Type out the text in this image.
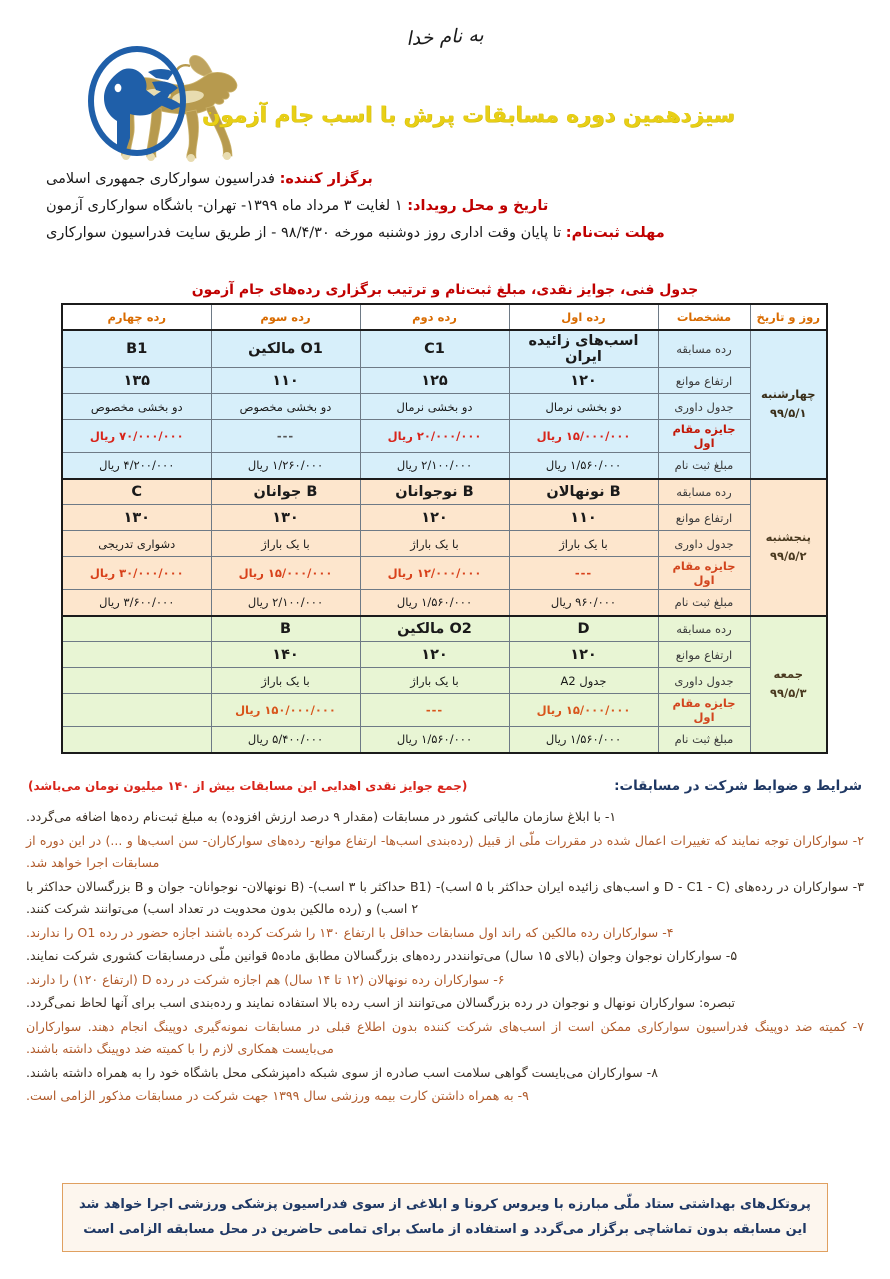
به نام خدا
سیزدهمین دوره مسابقات پرش با اسب جام آزمون
برگزار کننده: فدراسیون سوارکاری جمهوری اسلامی
تاریخ و محل رویداد: ۱ لغایت ۳ مرداد ماه ۱۳۹۹- تهران- باشگاه سوارکاری آزمون
مهلت ثبت‌نام: تا پایان وقت اداری روز دوشنبه مورخه ۹۸/۴/۳۰ - از طریق سایت فدراسیون سوارکاری
جدول فنی، جوایز نقدی، مبلغ ثبت‌نام و ترتیب برگزاری رده‌های جام آزمون
روز و تاریخ	مشخصات	رده اول	رده دوم	رده سوم	رده چهارم

چهارشنبه
۹۹/۵/۱	رده مسابقه	اسب‌های زائیده ایران	C1	O1 مالکین	B1
	ارتفاع موانع	۱۲۰	۱۲۵	۱۱۰	۱۳۵
	جدول داوری	دو بخشی نرمال	دو بخشی نرمال	دو بخشی مخصوص	دو بخشی مخصوص
	جایزه مقام اول	۱۵/۰۰۰/۰۰۰ ریال	۲۰/۰۰۰/۰۰۰ ریال	---	۷۰/۰۰۰/۰۰۰ ریال
	مبلغ ثبت نام	۱/۵۶۰/۰۰۰ ریال	۲/۱۰۰/۰۰۰ ریال	۱/۲۶۰/۰۰۰ ریال	۴/۲۰۰/۰۰۰ ریال

پنجشنبه
۹۹/۵/۲	رده مسابقه	B نونهالان	B نوجوانان	B جوانان	C
	ارتفاع موانع	۱۱۰	۱۲۰	۱۳۰	۱۳۰
	جدول داوری	با یک باراژ	با یک باراژ	با یک باراژ	دشواری تدریجی
	جایزه مقام اول	---	۱۲/۰۰۰/۰۰۰ ریال	۱۵/۰۰۰/۰۰۰ ریال	۳۰/۰۰۰/۰۰۰ ریال
	مبلغ ثبت نام	۹۶۰/۰۰۰ ریال	۱/۵۶۰/۰۰۰ ریال	۲/۱۰۰/۰۰۰ ریال	۳/۶۰۰/۰۰۰ ریال

جمعه
۹۹/۵/۳	رده مسابقه	D	O2 مالکین	B	
	ارتفاع موانع	۱۲۰	۱۲۰	۱۴۰	
	جدول داوری	جدول A2	با یک باراژ	با یک باراژ	
	جایزه مقام اول	۱۵/۰۰۰/۰۰۰ ریال	---	۱۵۰/۰۰۰/۰۰۰ ریال	
	مبلغ ثبت نام	۱/۵۶۰/۰۰۰ ریال	۱/۵۶۰/۰۰۰ ریال	۵/۴۰۰/۰۰۰ ریال	
شرایط و ضوابط شرکت در مسابقات:
(جمع جوایز نقدی اهدایی این مسابقات بیش از ۱۴۰ میلیون نومان می‌باشد)
۱- با ابلاغ سازمان مالیاتی کشور در مسابقات (مقدار ۹ درصد ارزش افزوده) به مبلغ ثبت‌نام رده‌ها اضافه می‌گردد.
۲- سوارکاران توجه نمایند که تغییرات اعمال شده در مقررات ملّی از قبیل (رده‌بندی اسب‌ها- ارتفاع موانع- رده‌های سوارکاران- سن اسب‌ها و ...) در این دوره از مسابقات اجرا خواهد شد.
۳- سوارکاران در رده‌های (D - C1 - C و اسب‌های زائیده ایران حداکثر با ۵ اسب)- (B1 حداکثر با ۳ اسب)- (B نونهالان- نوجوانان- جوان و B بزرگسالان حداکثر با ۲ اسب) و (رده مالکین بدون محدویت در تعداد اسب) می‌توانند شرکت کنند.
۴- سوارکاران رده مالکین که راند اول مسابقات حداقل با ارتفاع ۱۳۰ را شرکت کرده باشند اجازه حضور در رده O1 را ندارند.
۵- سوارکاران نوجوان وجوان (بالای ۱۵ سال) می‌تواننددر رده‌های بزرگسالان مطابق ماده۵ قوانین ملّی درمسابقات کشوری شرکت نمایند.
۶- سوارکاران رده نونهالان (۱۲ تا ۱۴ سال) هم اجازه شرکت در رده D (ارتفاع ۱۲۰) را دارند.
تبصره: سوارکاران نونهال و نوجوان در رده بزرگسالان می‌توانند از اسب رده بالا استفاده نمایند و رده‌بندی اسب برای آنها لحاظ نمی‌گردد.
۷- کمیته ضد دوپینگ فدراسیون سوارکاری ممکن است از اسب‌های شرکت کننده بدون اطلاع قبلی در مسابقات نمونه‌گیری دوپینگ انجام دهند. سوارکاران می‌بایست همکاری لازم را با کمیته ضد دوپینگ داشته باشند.
۸- سوارکاران می‌بایست گواهی سلامت اسب صادره از سوی شبکه دامپزشکی محل باشگاه خود را به همراه داشته باشند.
۹- به همراه داشتن کارت بیمه ورزشی سال ۱۳۹۹ جهت شرکت در مسابقات مذکور الزامی است.
پروتکل‌های بهداشتی ستاد ملّی مبارزه با ویروس کرونا و ابلاغی از سوی فدراسیون پزشکی ورزشی اجرا خواهد شد
این مسابقه بدون تماشاچی برگزار می‌گردد و استفاده از ماسک برای تمامی حاضرین در محل مسابقه الزامی است
